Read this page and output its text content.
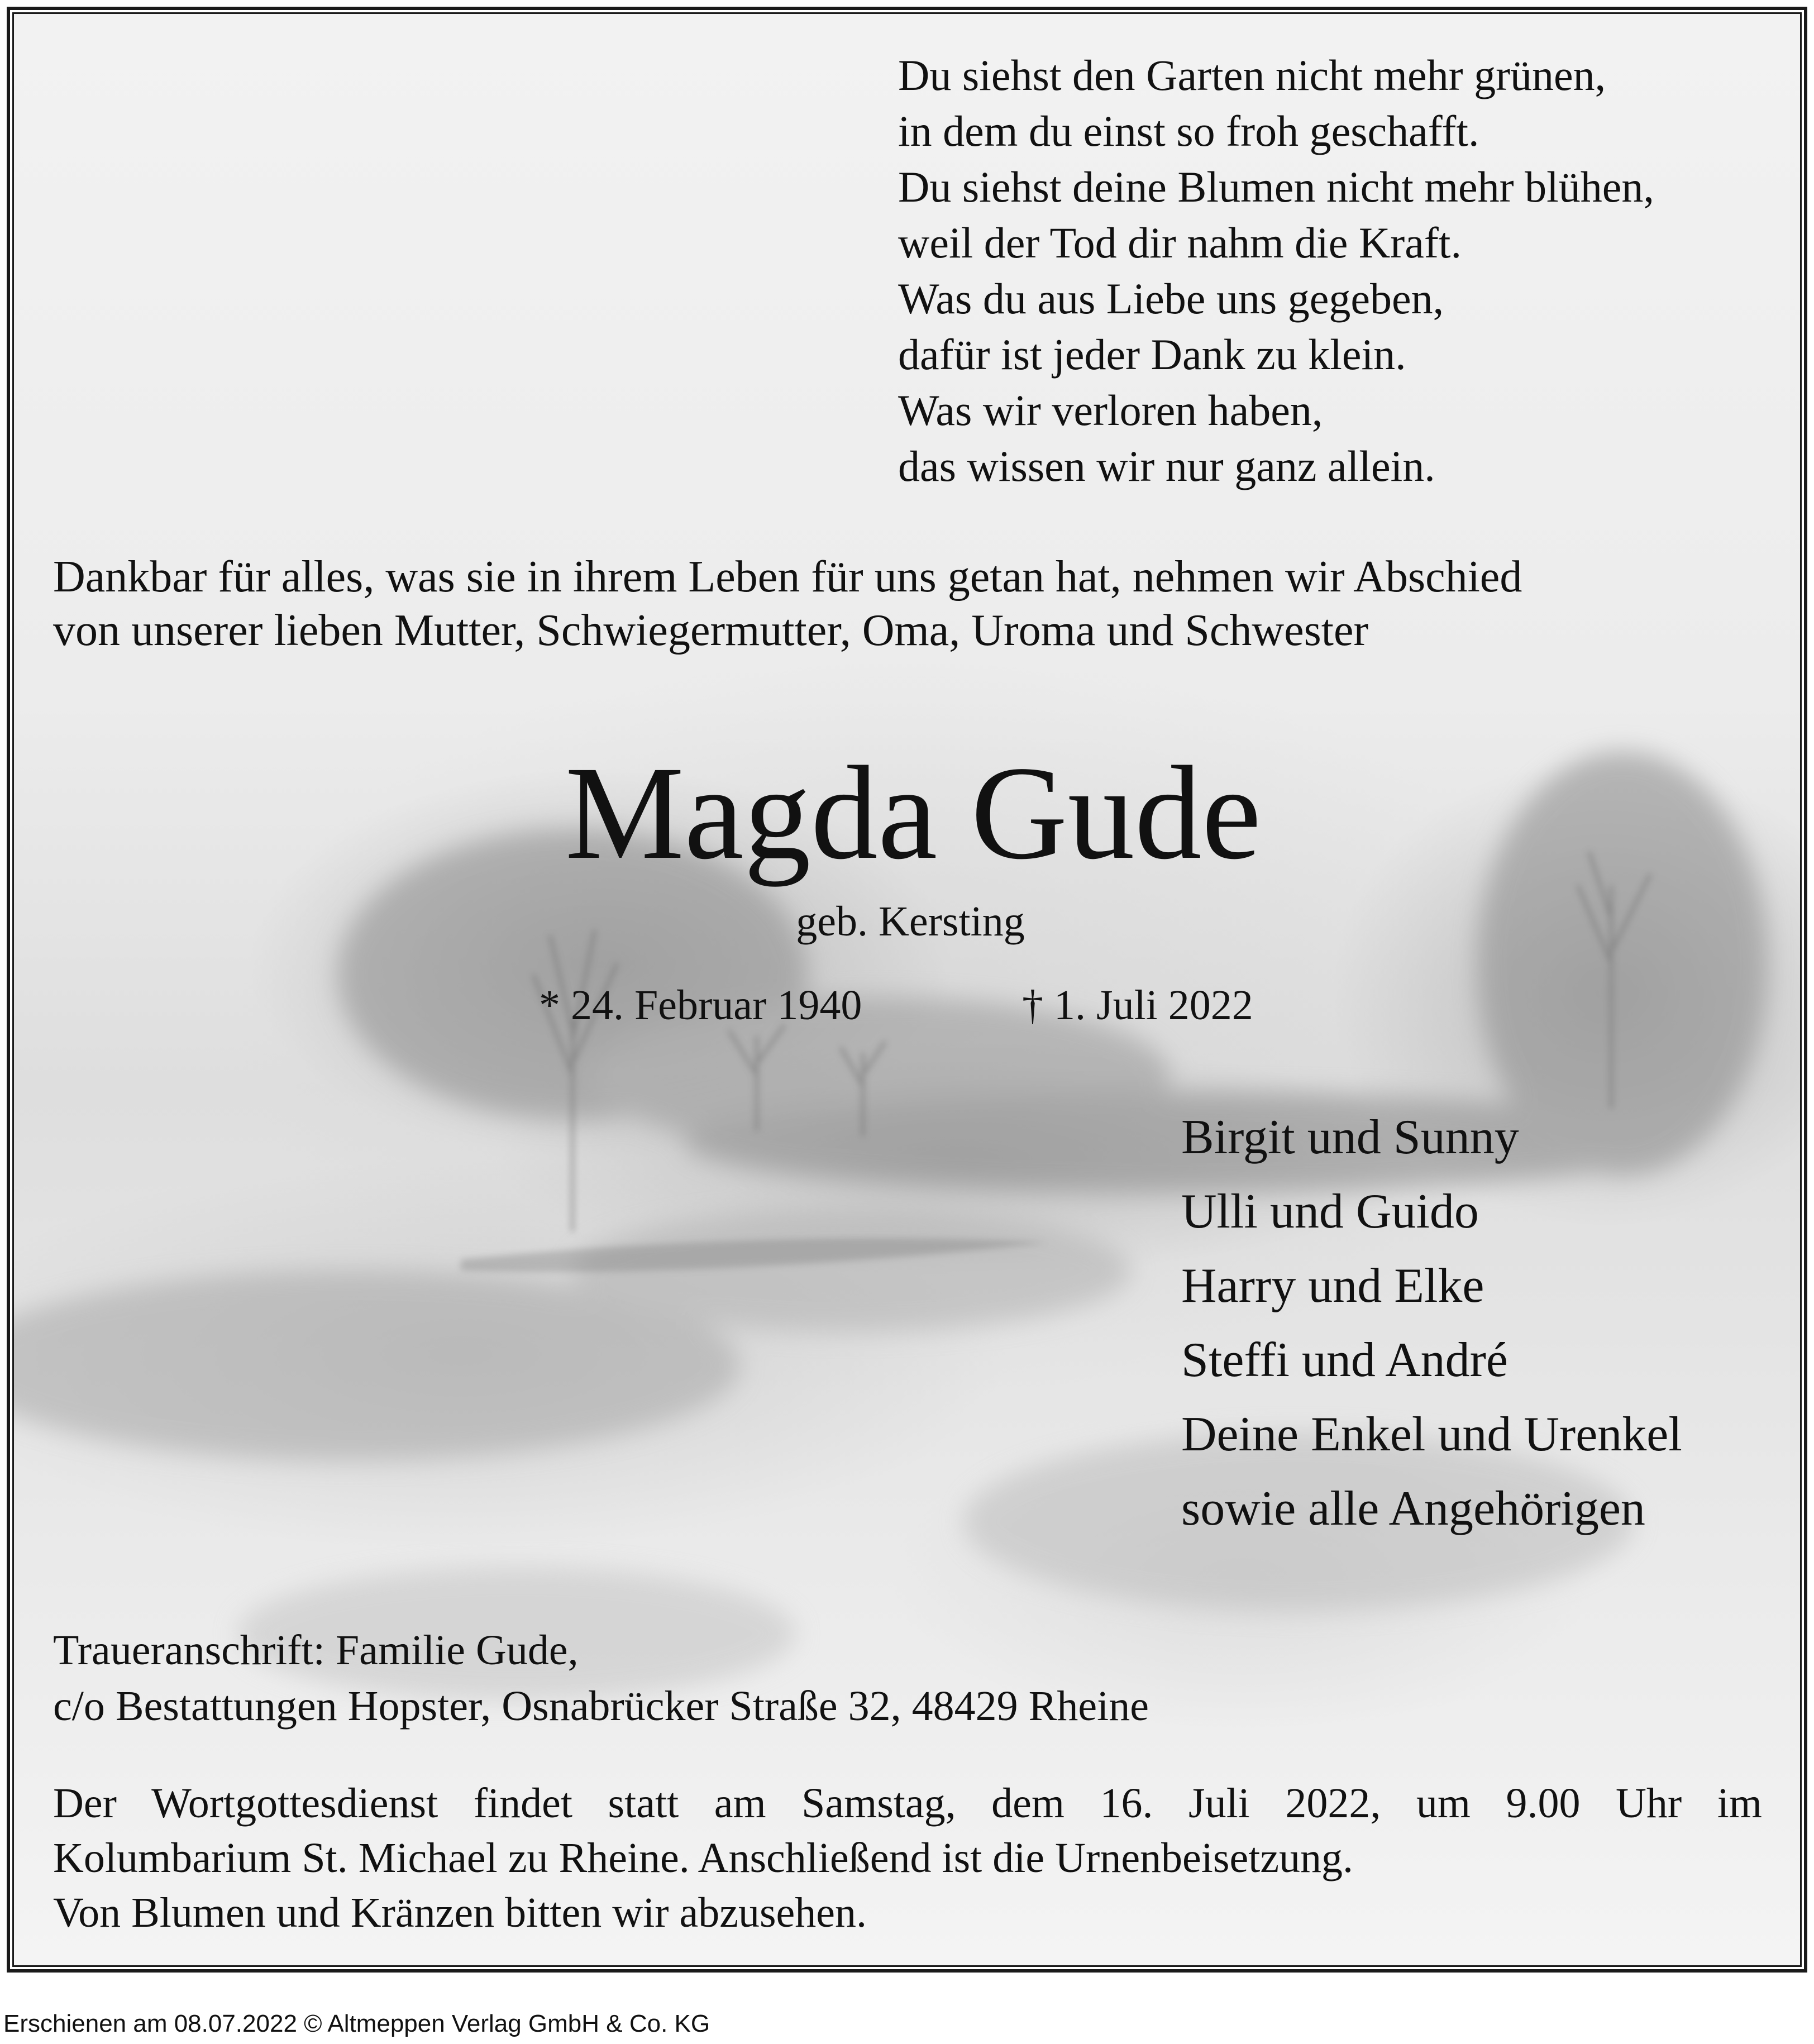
Du siehst den Garten nicht mehr grünen,
in dem du einst so froh geschafft.
Du siehst deine Blumen nicht mehr blühen,
weil der Tod dir nahm die Kraft.
Was du aus Liebe uns gegeben,
dafür ist jeder Dank zu klein.
Was wir verloren haben,
das wissen wir nur ganz allein.
Dankbar für alles, was sie in ihrem Leben für uns getan hat, nehmen wir Abschied
von unserer lieben Mutter, Schwiegermutter, Oma, Uroma und Schwester
Magda Gude
geb. Kersting
* 24. Februar 1940	† 1. Juli 2022
Birgit und Sunny
Ulli und Guido
Harry und Elke
Steffi und André
Deine Enkel und Urenkel
sowie alle Angehörigen
Traueranschrift: Familie Gude,
c/o Bestattungen Hopster, Osnabrücker Straße 32, 48429 Rheine
Der Wortgottesdienst findet statt am Samstag, dem 16. Juli 2022, um 9.00 Uhr im
Kolumbarium St. Michael zu Rheine. Anschließend ist die Urnenbeisetzung.
Von Blumen und Kränzen bitten wir abzusehen.
Erschienen am 08.07.2022 © Altmeppen Verlag GmbH & Co. KG
